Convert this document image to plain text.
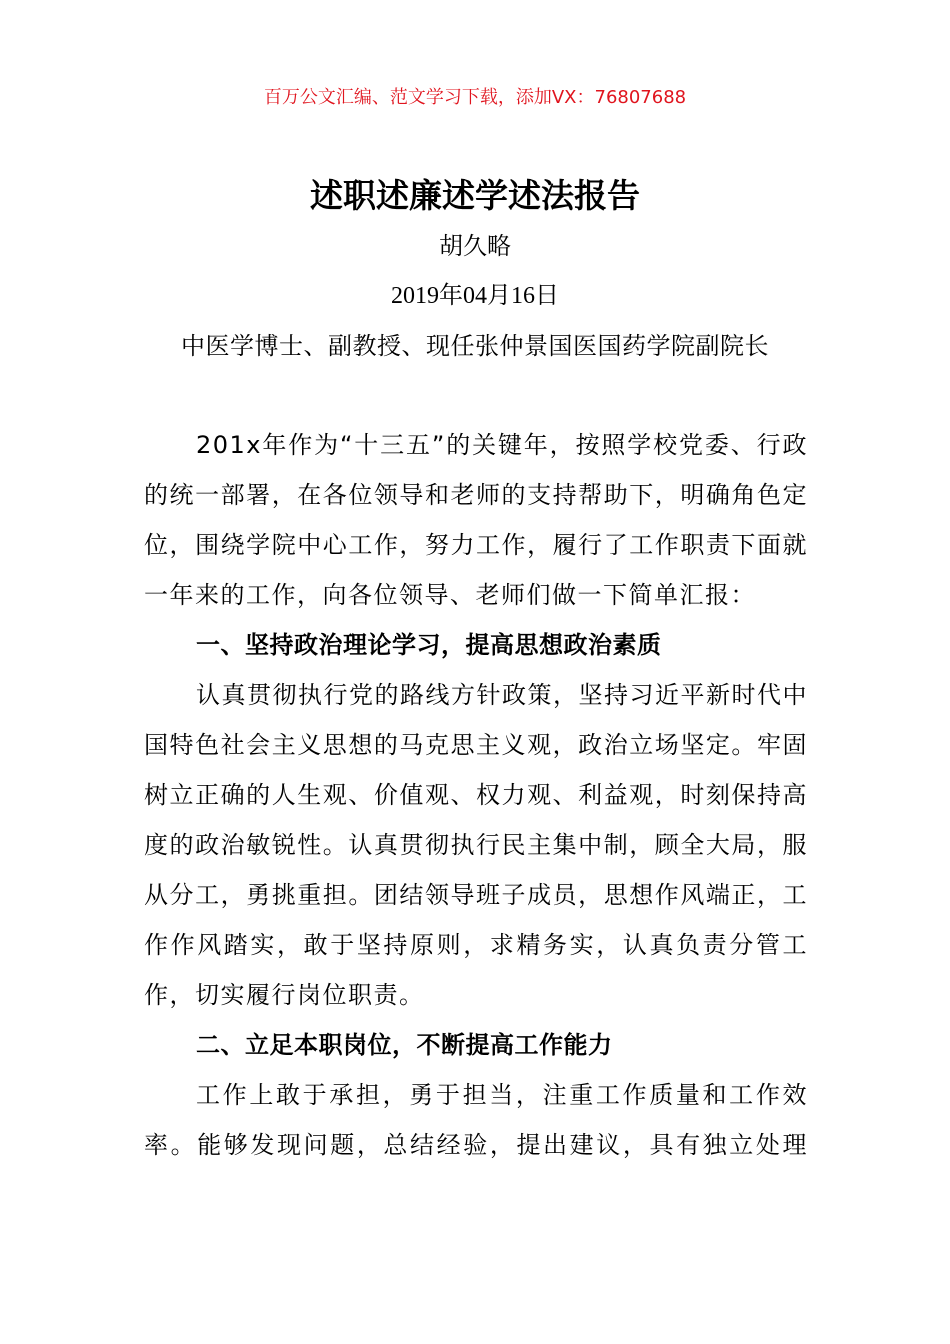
百万公文汇编、范文学习下载，添加VX：76807688
述职述廉述学述法报告
胡久略
2019年04月16日
中医学博士、副教授、现任张仲景国医国药学院副院长

201x年作为“十三五”的关键年，按照学校党委、行政的统一部署，在各位领导和老师的支持帮助下，明确角色定位，围绕学院中心工作，努力工作，履行了工作职责下面就一年来的工作，向各位领导、老师们做一下简单汇报：

一、坚持政治理论学习，提高思想政治素质

认真贯彻执行党的路线方针政策，坚持习近平新时代中国特色社会主义思想的马克思主义观，政治立场坚定。牢固树立正确的人生观、价值观、权力观、利益观，时刻保持高度的政治敏锐性。认真贯彻执行民主集中制，顾全大局，服从分工，勇挑重担。团结领导班子成员，思想作风端正，工作作风踏实，敢于坚持原则，求精务实，认真负责分管工作，切实履行岗位职责。

二、立足本职岗位，不断提高工作能力

工作上敢于承担，勇于担当，注重工作质量和工作效率。能够发现问题，总结经验，提出建议，具有独立处理
